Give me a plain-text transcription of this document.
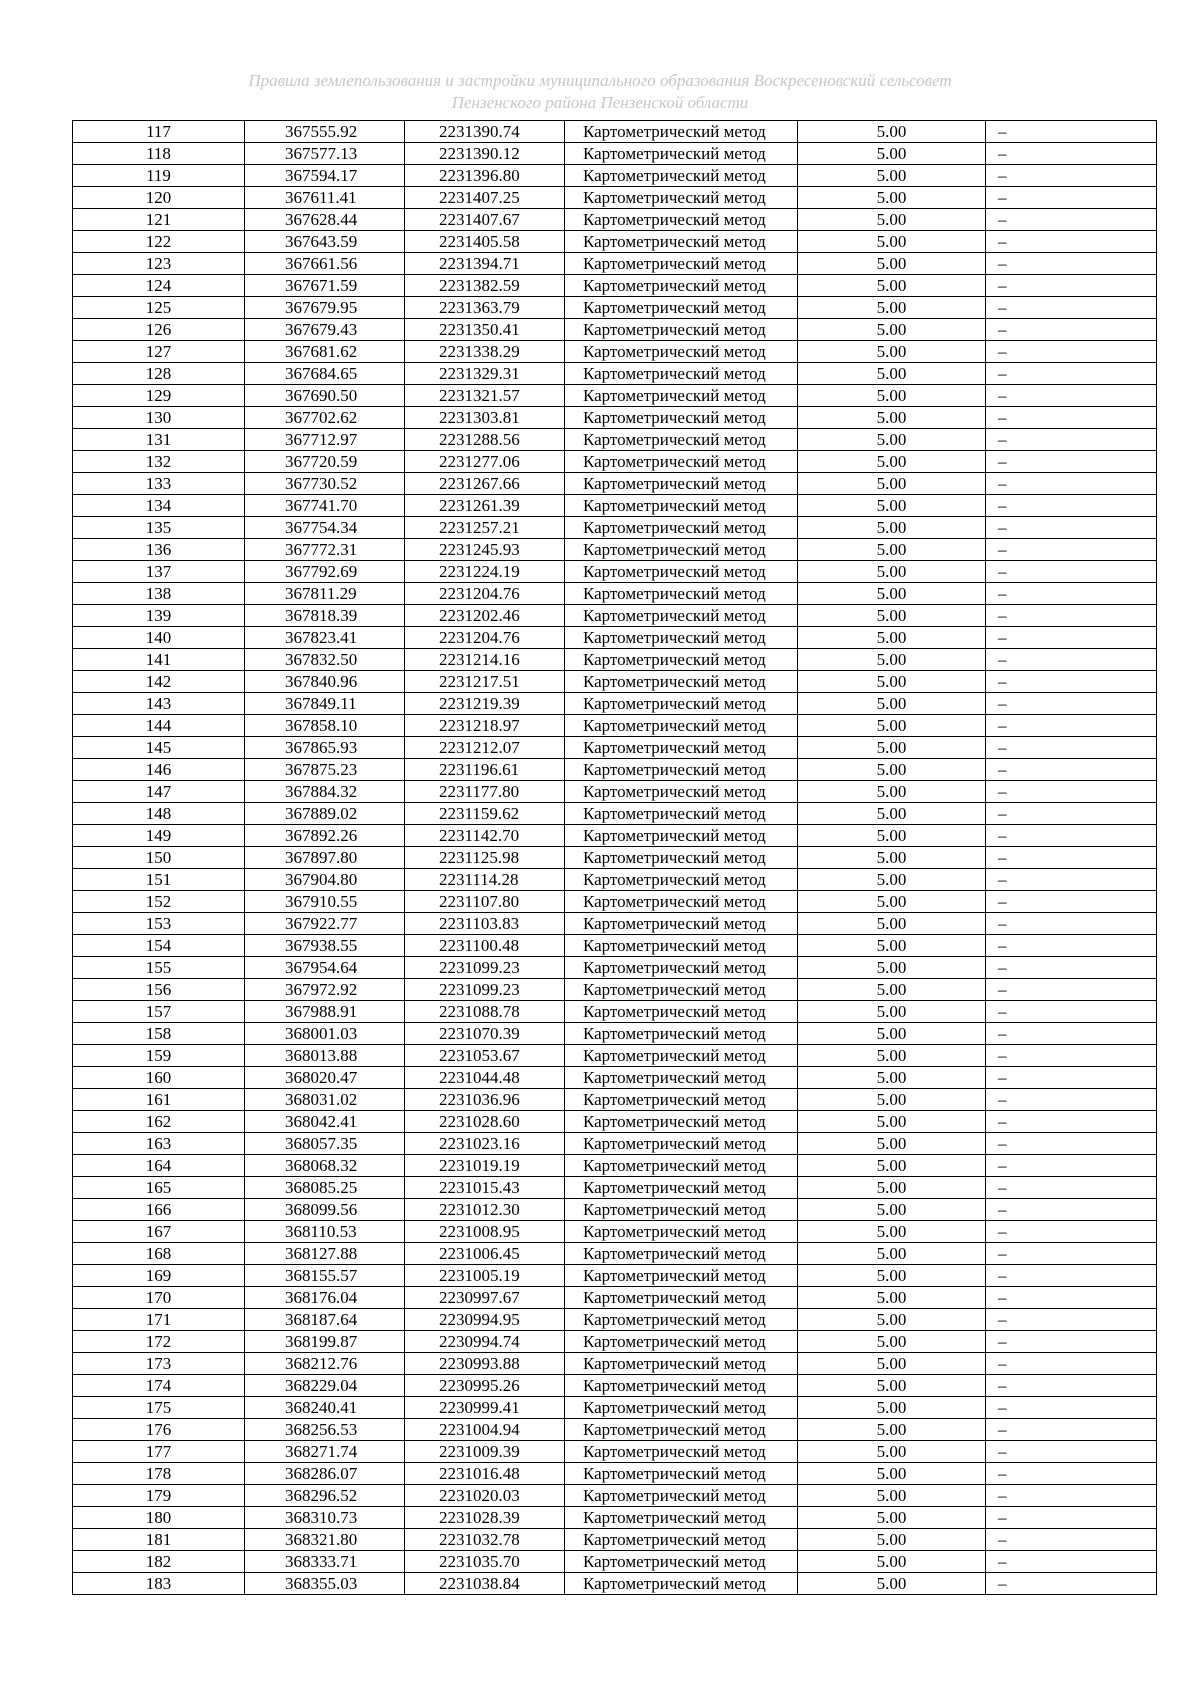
Правила землепользования и застройки муниципального образования Воскресеновский сельсовет
Пензенского района Пензенской области
117	367555.92	2231390.74	Картометрический метод	5.00	–
118	367577.13	2231390.12	Картометрический метод	5.00	–
119	367594.17	2231396.80	Картометрический метод	5.00	–
120	367611.41	2231407.25	Картометрический метод	5.00	–
121	367628.44	2231407.67	Картометрический метод	5.00	–
122	367643.59	2231405.58	Картометрический метод	5.00	–
123	367661.56	2231394.71	Картометрический метод	5.00	–
124	367671.59	2231382.59	Картометрический метод	5.00	–
125	367679.95	2231363.79	Картометрический метод	5.00	–
126	367679.43	2231350.41	Картометрический метод	5.00	–
127	367681.62	2231338.29	Картометрический метод	5.00	–
128	367684.65	2231329.31	Картометрический метод	5.00	–
129	367690.50	2231321.57	Картометрический метод	5.00	–
130	367702.62	2231303.81	Картометрический метод	5.00	–
131	367712.97	2231288.56	Картометрический метод	5.00	–
132	367720.59	2231277.06	Картометрический метод	5.00	–
133	367730.52	2231267.66	Картометрический метод	5.00	–
134	367741.70	2231261.39	Картометрический метод	5.00	–
135	367754.34	2231257.21	Картометрический метод	5.00	–
136	367772.31	2231245.93	Картометрический метод	5.00	–
137	367792.69	2231224.19	Картометрический метод	5.00	–
138	367811.29	2231204.76	Картометрический метод	5.00	–
139	367818.39	2231202.46	Картометрический метод	5.00	–
140	367823.41	2231204.76	Картометрический метод	5.00	–
141	367832.50	2231214.16	Картометрический метод	5.00	–
142	367840.96	2231217.51	Картометрический метод	5.00	–
143	367849.11	2231219.39	Картометрический метод	5.00	–
144	367858.10	2231218.97	Картометрический метод	5.00	–
145	367865.93	2231212.07	Картометрический метод	5.00	–
146	367875.23	2231196.61	Картометрический метод	5.00	–
147	367884.32	2231177.80	Картометрический метод	5.00	–
148	367889.02	2231159.62	Картометрический метод	5.00	–
149	367892.26	2231142.70	Картометрический метод	5.00	–
150	367897.80	2231125.98	Картометрический метод	5.00	–
151	367904.80	2231114.28	Картометрический метод	5.00	–
152	367910.55	2231107.80	Картометрический метод	5.00	–
153	367922.77	2231103.83	Картометрический метод	5.00	–
154	367938.55	2231100.48	Картометрический метод	5.00	–
155	367954.64	2231099.23	Картометрический метод	5.00	–
156	367972.92	2231099.23	Картометрический метод	5.00	–
157	367988.91	2231088.78	Картометрический метод	5.00	–
158	368001.03	2231070.39	Картометрический метод	5.00	–
159	368013.88	2231053.67	Картометрический метод	5.00	–
160	368020.47	2231044.48	Картометрический метод	5.00	–
161	368031.02	2231036.96	Картометрический метод	5.00	–
162	368042.41	2231028.60	Картометрический метод	5.00	–
163	368057.35	2231023.16	Картометрический метод	5.00	–
164	368068.32	2231019.19	Картометрический метод	5.00	–
165	368085.25	2231015.43	Картометрический метод	5.00	–
166	368099.56	2231012.30	Картометрический метод	5.00	–
167	368110.53	2231008.95	Картометрический метод	5.00	–
168	368127.88	2231006.45	Картометрический метод	5.00	–
169	368155.57	2231005.19	Картометрический метод	5.00	–
170	368176.04	2230997.67	Картометрический метод	5.00	–
171	368187.64	2230994.95	Картометрический метод	5.00	–
172	368199.87	2230994.74	Картометрический метод	5.00	–
173	368212.76	2230993.88	Картометрический метод	5.00	–
174	368229.04	2230995.26	Картометрический метод	5.00	–
175	368240.41	2230999.41	Картометрический метод	5.00	–
176	368256.53	2231004.94	Картометрический метод	5.00	–
177	368271.74	2231009.39	Картометрический метод	5.00	–
178	368286.07	2231016.48	Картометрический метод	5.00	–
179	368296.52	2231020.03	Картометрический метод	5.00	–
180	368310.73	2231028.39	Картометрический метод	5.00	–
181	368321.80	2231032.78	Картометрический метод	5.00	–
182	368333.71	2231035.70	Картометрический метод	5.00	–
183	368355.03	2231038.84	Картометрический метод	5.00	–
